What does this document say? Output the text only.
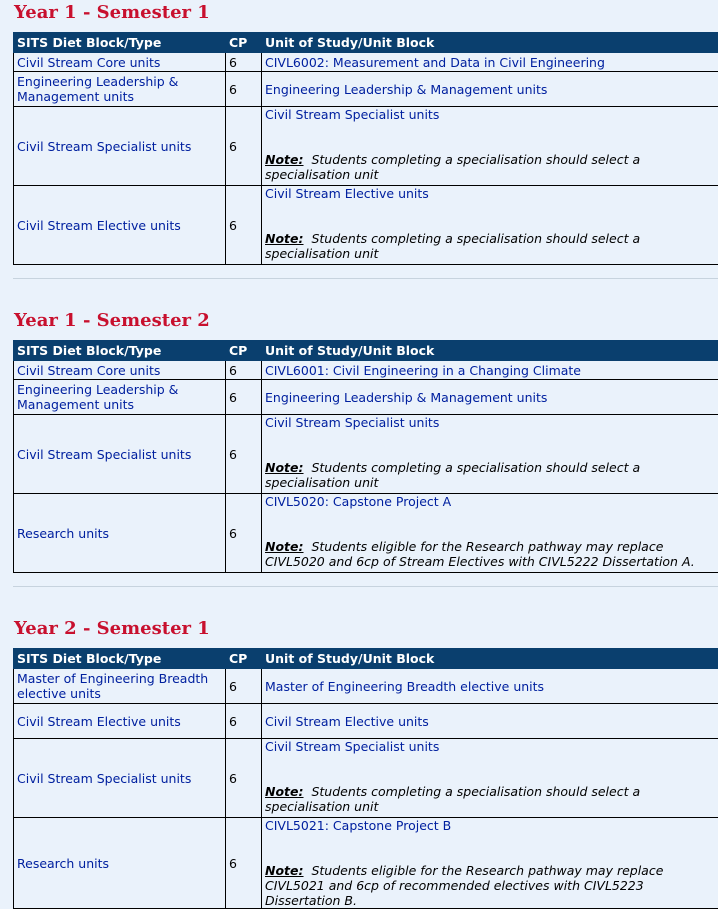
Year 1 - Semester 1
SITS Diet Block/Type	CP	Unit of Study/Unit Block
Civil Stream Core units	6	CIVL6002: Measurement and Data in Civil Engineering
Engineering Leadership & Management units	6	Engineering Leadership & Management units
Civil Stream Specialist units	6	Civil Stream Specialist units
Note: Students completing a specialisation should select a specialisation unit

Civil Stream Elective units	6	Civil Stream Elective units
Note: Students completing a specialisation should select a specialisation unit
Year 1 - Semester 2
SITS Diet Block/Type	CP	Unit of Study/Unit Block
Civil Stream Core units	6	CIVL6001: Civil Engineering in a Changing Climate
Engineering Leadership & Management units	6	Engineering Leadership & Management units
Civil Stream Specialist units	6	Civil Stream Specialist units
Note: Students completing a specialisation should select a specialisation unit

Research units	6	CIVL5020: Capstone Project A
Note: Students eligible for the Research pathway may replace CIVL5020 and 6cp of Stream Electives with CIVL5222 Dissertation A.
Year 2 - Semester 1
SITS Diet Block/Type	CP	Unit of Study/Unit Block
Master of Engineering Breadth elective units	6	Master of Engineering Breadth elective units
Civil Stream Elective units	6	Civil Stream Elective units
Civil Stream Specialist units	6	Civil Stream Specialist units
Note: Students completing a specialisation should select a specialisation unit

Research units	6	CIVL5021: Capstone Project B
Note: Students eligible for the Research pathway may replace CIVL5021 and 6cp of recommended electives with CIVL5223 Dissertation B.
